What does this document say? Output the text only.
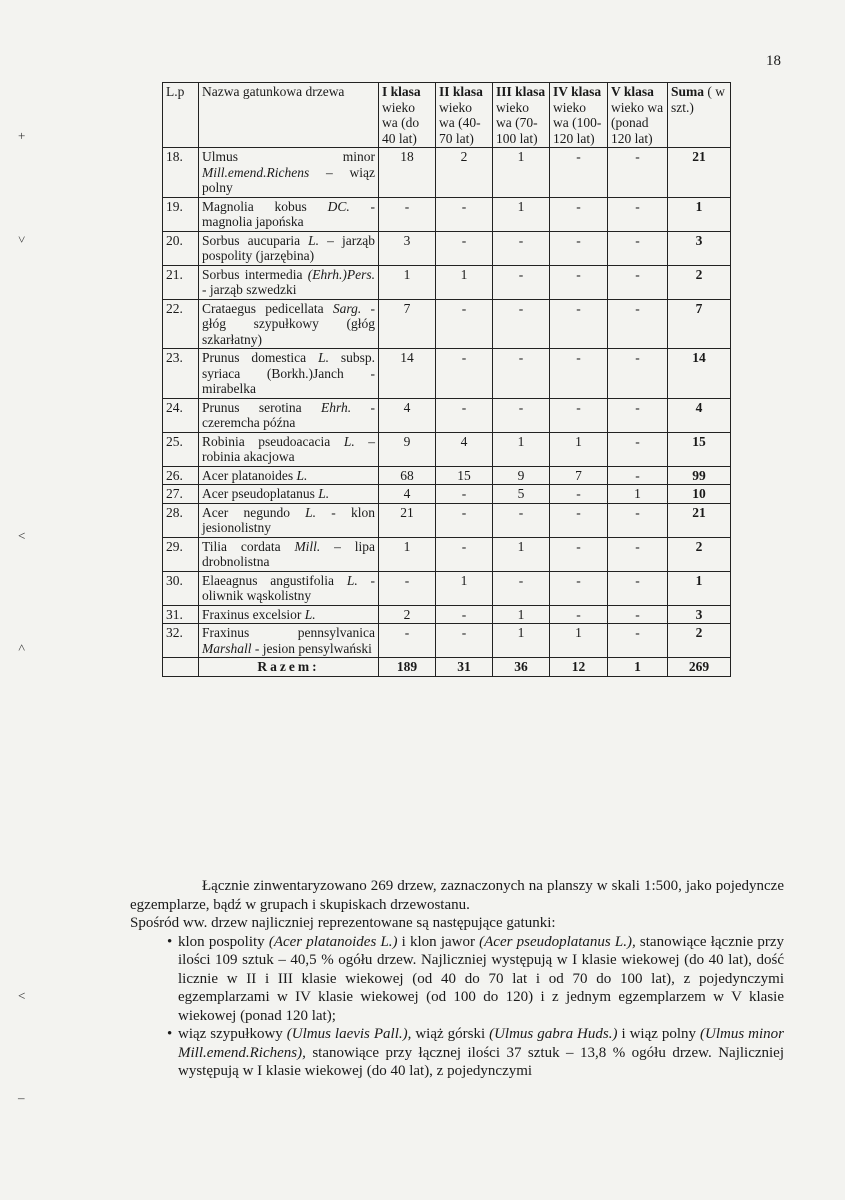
18
+
˅
˂
˄
˂
–
L.p	Nazwa gatunkowa drzewa	I klasa wieko wa (do 40 lat)	II klasa wieko wa (40-70 lat)	III klasa wieko wa (70-100 lat)	IV klasa wieko wa (100-120 lat)	V klasa wieko wa (ponad 120 lat)	Suma ( w szt.)
18.	Ulmus minor Mill.emend.Richens – wiąz polny	18	2	1	-	-	21
19.	Magnolia kobus DC. - magnolia japońska	-	-	1	-	-	1
20.	Sorbus aucuparia L. – jarząb pospolity (jarzębina)	3	-	-	-	-	3
21.	Sorbus intermedia (Ehrh.)Pers. - jarząb szwedzki	1	1	-	-	-	2
22.	Crataegus pedicellata Sarg. - głóg szypułkowy (głóg szkarłatny)	7	-	-	-	-	7
23.	Prunus domestica L. subsp. syriaca (Borkh.)Janch - mirabelka	14	-	-	-	-	14
24.	Prunus serotina Ehrh. - czeremcha późna	4	-	-	-	-	4
25.	Robinia pseudoacacia L. – robinia akacjowa	9	4	1	1	-	15
26.	Acer platanoides L.	68	15	9	7	-	99
27.	Acer pseudoplatanus L.	4	-	5	-	1	10
28.	Acer negundo L. - klon jesionolistny	21	-	-	-	-	21
29.	Tilia cordata Mill. – lipa drobnolistna	1	-	1	-	-	2
30.	Elaeagnus angustifolia L. - oliwnik wąskolistny	-	1	-	-	-	1
31.	Fraxinus excelsior L.	2	-	1	-	-	3
32.	Fraxinus pennsylvanica Marshall - jesion pensylwański	-	-	1	1	-	2
	Razem:	189	31	36	12	1	269

Łącznie zinwentaryzowano 269 drzew, zaznaczonych na planszy w skali 1:500, jako pojedyncze egzemplarze, bądź w grupach i skupiskach drzewostanu.

Spośród ww. drzew najliczniej reprezentowane są następujące gatunki:

• klon pospolity (Acer platanoides L.) i klon jawor (Acer pseudoplatanus L.), stanowiące łącznie przy ilości 109 sztuk – 40,5 % ogółu drzew. Najliczniej występują w I klasie wiekowej (do 40 lat), dość licznie w II i III klasie wiekowej (od 40 do 70 lat i od 70 do 100 lat), z pojedynczymi egzemplarzami w IV klasie wiekowej (od 100 do 120) i z jednym egzemplarzem w V klasie wiekowej (ponad 120 lat);
• wiąz szypułkowy (Ulmus laevis Pall.), wiąż górski (Ulmus gabra Huds.) i wiąz polny (Ulmus minor Mill.emend.Richens), stanowiące przy łącznej ilości 37 sztuk – 13,8 % ogółu drzew. Najliczniej występują w I klasie wiekowej (do 40 lat), z pojedynczymi
